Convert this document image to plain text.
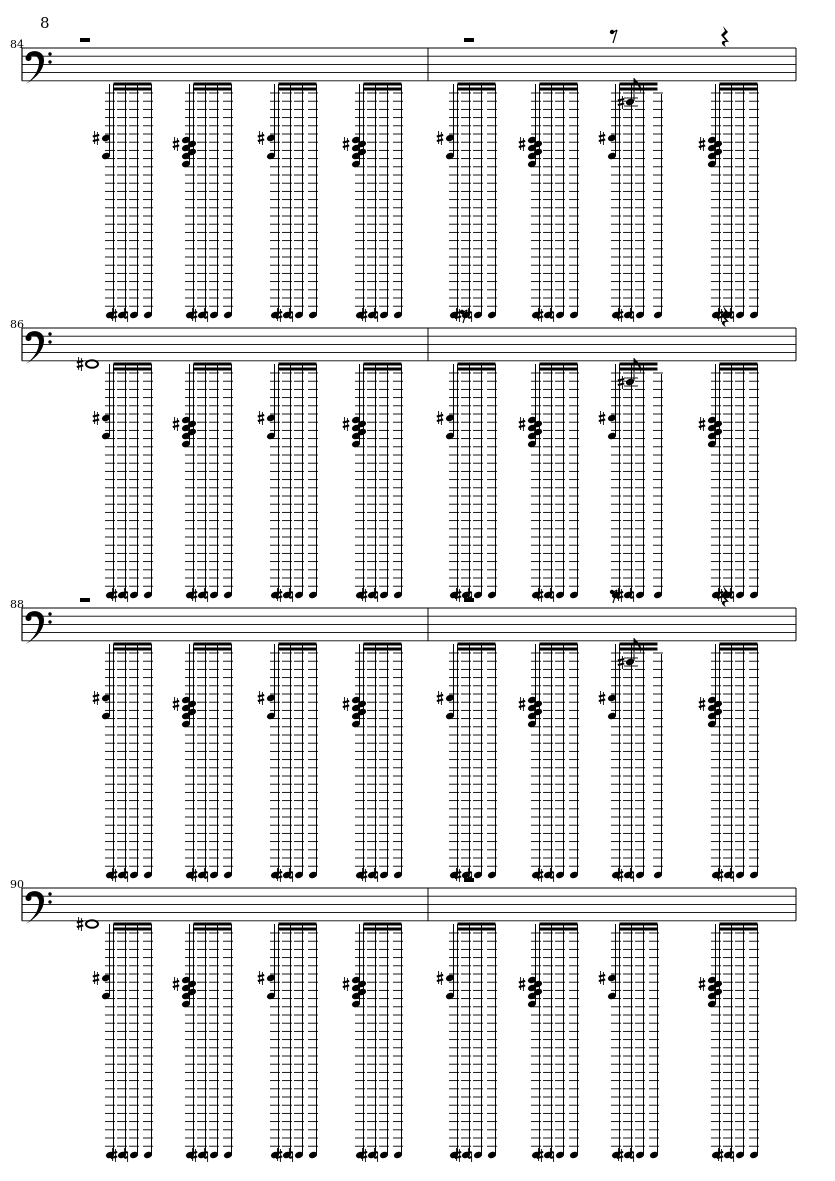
8
84
86
88
90
